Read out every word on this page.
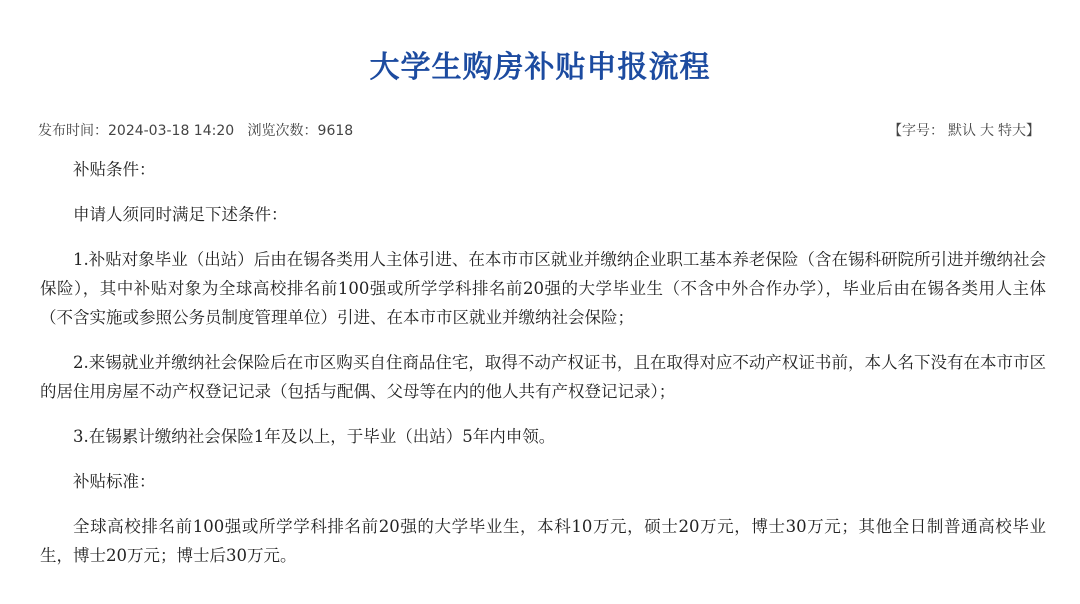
大学生购房补贴申报流程
发布时间：2024-03-18 14:20 浏览次数：9618	【字号： 默认 大 特大】

补贴条件：

申请人须同时满足下述条件：

1.补贴对象毕业（出站）后由在锡各类用人主体引进、在本市市区就业并缴纳企业职工基本养老保险（含在锡科研院所引进并缴纳社会保险），其中补贴对象为全球高校排名前100强或所学学科排名前20强的大学毕业生（不含中外合作办学），毕业后由在锡各类用人主体（不含实施或参照公务员制度管理单位）引进、在本市市区就业并缴纳社会保险；

2.来锡就业并缴纳社会保险后在市区购买自住商品住宅，取得不动产权证书，且在取得对应不动产权证书前，本人名下没有在本市市区的居住用房屋不动产权登记记录（包括与配偶、父母等在内的他人共有产权登记记录）；

3.在锡累计缴纳社会保险1年及以上，于毕业（出站）5年内申领。

补贴标准：

全球高校排名前100强或所学学科排名前20强的大学毕业生，本科10万元，硕士20万元，博士30万元；其他全日制普通高校毕业生，博士20万元；博士后30万元。
